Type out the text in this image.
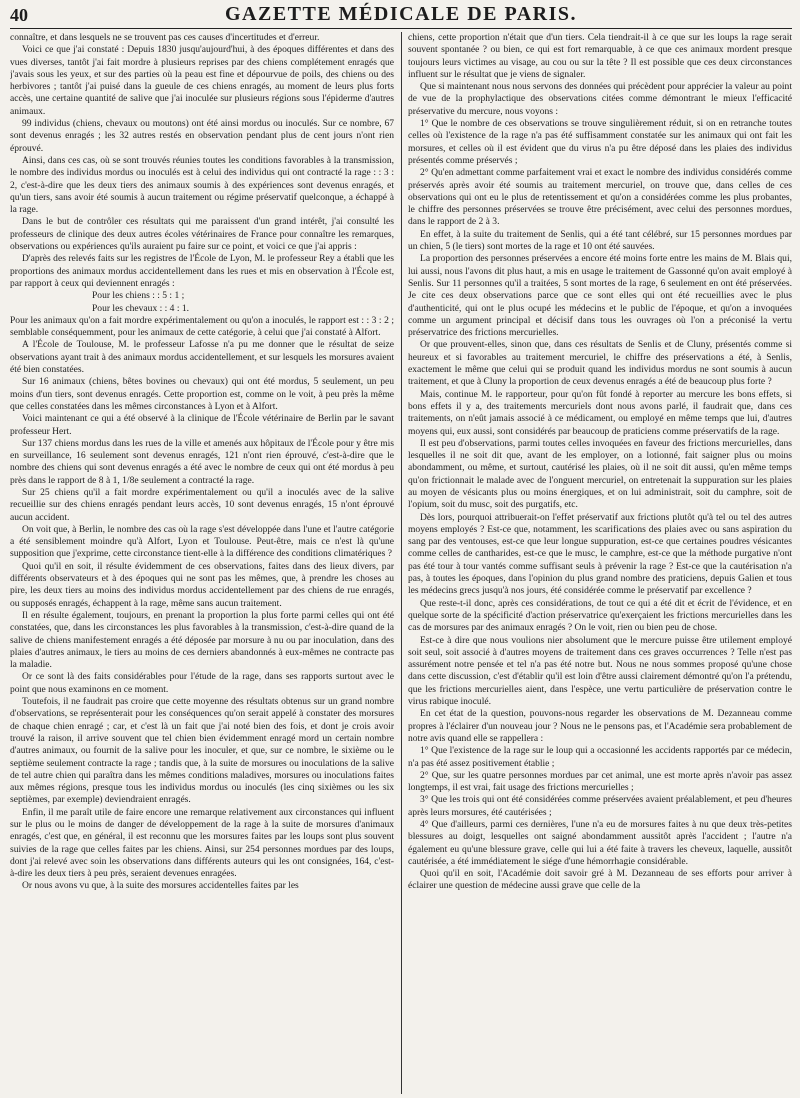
40	GAZETTE MÉDICALE DE PARIS.

connaître, et dans lesquels ne se trouvent pas ces causes d'incertitudes et d'erreur.

Voici ce que j'ai constaté : Depuis 1830 jusqu'aujourd'hui, à des époques différentes et dans des vues diverses, tantôt j'ai fait mordre à plusieurs reprises par des chiens complétement enragés que j'avais sous les yeux, et sur des parties où la peau est fine et dépourvue de poils, des chiens ou des herbivores ; tantôt j'ai puisé dans la gueule de ces chiens enragés, au moment de leurs plus forts accès, une certaine quantité de salive que j'ai inoculée sur plusieurs régions sous l'épiderme d'autres animaux.

99 individus (chiens, chevaux ou moutons) ont été ainsi mordus ou inoculés. Sur ce nombre, 67 sont devenus enragés ; les 32 autres restés en observation pendant plus de cent jours n'ont rien éprouvé.

Ainsi, dans ces cas, où se sont trouvés réunies toutes les conditions favorables à la transmission, le nombre des individus mordus ou inoculés est à celui des individus qui ont contracté la rage : : 3 : 2, c'est-à-dire que les deux tiers des animaux soumis à des expériences sont devenus enragés, et qu'un tiers, sans avoir été soumis à aucun traitement ou régime préservatif quelconque, a échappé à la rage.

Dans le but de contrôler ces résultats qui me paraissent d'un grand intérêt, j'ai consulté les professeurs de clinique des deux autres écoles vétérinaires de France pour connaître les remarques, observations ou expériences qu'ils auraient pu faire sur ce point, et voici ce que j'ai appris :

D'après des relevés faits sur les registres de l'École de Lyon, M. le professeur Rey a établi que les proportions des animaux mordus accidentellement dans les rues et mis en observation à l'École est, par rapport à ceux qui deviennent enragés :

Pour les chiens : : 5 : 1 ;

Pour les chevaux : : 4 : 1.

Pour les animaux qu'on a fait mordre expérimentalement ou qu'on a inoculés, le rapport est : : 3 : 2 ; semblable conséquemment, pour les animaux de cette catégorie, à celui que j'ai constaté à Alfort.

A l'École de Toulouse, M. le professeur Lafosse n'a pu me donner que le résultat de seize observations ayant trait à des animaux mordus accidentellement, et sur lesquels les morsures avaient été bien constatées.

Sur 16 animaux (chiens, bêtes bovines ou chevaux) qui ont été mordus, 5 seulement, un peu moins d'un tiers, sont devenus enragés. Cette proportion est, comme on le voit, à peu près la même que celles constatées dans les mêmes circonstances à Lyon et à Alfort.

Voici maintenant ce qui a été observé à la clinique de l'École vétérinaire de Berlin par le savant professeur Hert.

Sur 137 chiens mordus dans les rues de la ville et amenés aux hôpitaux de l'École pour y être mis en surveillance, 16 seulement sont devenus enragés, 121 n'ont rien éprouvé, c'est-à-dire que le nombre des chiens qui sont devenus enragés a été avec le nombre de ceux qui ont été mordus à peu près dans le rapport de 8 à 1, 1/8e seulement a contracté la rage.

Sur 25 chiens qu'il a fait mordre expérimentalement ou qu'il a inoculés avec de la salive recueillie sur des chiens enragés pendant leurs accès, 10 sont devenus enragés, 15 n'ont éprouvé aucun accident.

On voit que, à Berlin, le nombre des cas où la rage s'est développée dans l'une et l'autre catégorie a été sensiblement moindre qu'à Alfort, Lyon et Toulouse. Peut-être, mais ce n'est là qu'une supposition que j'exprime, cette circonstance tient-elle à la différence des conditions climatériques ?

Quoi qu'il en soit, il résulte évidemment de ces observations, faites dans des lieux divers, par différents observateurs et à des époques qui ne sont pas les mêmes, que, à prendre les choses au pire, les deux tiers au moins des individus mordus accidentellement par des chiens de rue enragés, ou supposés enragés, échappent à la rage, même sans aucun traitement.

Il en résulte également, toujours, en prenant la proportion la plus forte parmi celles qui ont été constatées, que, dans les circonstances les plus favorables à la transmission, c'est-à-dire quand de la salive de chiens manifestement enragés a été déposée par morsure à nu ou par inoculation, dans des plaies d'autres animaux, le tiers au moins de ces derniers abandonnés à eux-mêmes ne contracte pas la maladie.

Or ce sont là des faits considérables pour l'étude de la rage, dans ses rapports surtout avec le point que nous examinons en ce moment.

Toutefois, il ne faudrait pas croire que cette moyenne des résultats obtenus sur un grand nombre d'observations, se représenterait pour les conséquences qu'on serait appelé à constater des morsures de chaque chien enragé ; car, et c'est là un fait que j'ai noté bien des fois, et dont je crois avoir trouvé la raison, il arrive souvent que tel chien bien évidemment enragé mord un certain nombre d'autres animaux, ou fournit de la salive pour les inoculer, et que, sur ce nombre, le sixième ou le septième seulement contracte la rage ; tandis que, à la suite de morsures ou inoculations de la salive de tel autre chien qui paraîtra dans les mêmes conditions maladives, morsures ou inoculations faites aux mêmes régions, presque tous les individus mordus ou inoculés (les cinq sixièmes ou les six septièmes, par exemple) deviendraient enragés.

Enfin, il me paraît utile de faire encore une remarque relativement aux circonstances qui influent sur le plus ou le moins de danger de développement de la rage à la suite de morsures d'animaux enragés, c'est que, en général, il est reconnu que les morsures faites par les loups sont plus souvent suivies de la rage que celles faites par les chiens. Ainsi, sur 254 personnes mordues par des loups, dont j'ai relevé avec soin les observations dans différents auteurs qui les ont consignées, 164, c'est-à-dire les deux tiers à peu près, seraient devenues enragées.

Or nous avons vu que, à la suite des morsures accidentelles faites par les

chiens, cette proportion n'était que d'un tiers. Cela tiendrait-il à ce que sur les loups la rage serait souvent spontanée ? ou bien, ce qui est fort remarquable, à ce que ces animaux mordent presque toujours leurs victimes au visage, au cou ou sur la tête ? Il est possible que ces deux circonstances influent sur le résultat que je viens de signaler.

Que si maintenant nous nous servons des données qui précèdent pour apprécier la valeur au point de vue de la prophylactique des observations citées comme démontrant le mieux l'efficacité préservative du mercure, nous voyons :

1° Que le nombre de ces observations se trouve singulièrement réduit, si on en retranche toutes celles où l'existence de la rage n'a pas été suffisamment constatée sur les animaux qui ont fait les morsures, et celles où il est évident que du virus n'a pu être déposé dans les plaies des individus présentés comme préservés ;

2° Qu'en admettant comme parfaitement vrai et exact le nombre des individus considérés comme préservés après avoir été soumis au traitement mercuriel, on trouve que, dans celles de ces observations qui ont eu le plus de retentissement et qu'on a considérées comme les plus probantes, le chiffre des personnes préservées se trouve être précisément, avec celui des personnes mordues, dans le rapport de 2 à 3.

En effet, à la suite du traitement de Senlis, qui a été tant célébré, sur 15 personnes mordues par un chien, 5 (le tiers) sont mortes de la rage et 10 ont été sauvées.

La proportion des personnes préservées a encore été moins forte entre les mains de M. Blais qui, lui aussi, nous l'avons dit plus haut, a mis en usage le traitement de Gassonné qu'on avait employé à Senlis. Sur 11 personnes qu'il a traitées, 5 sont mortes de la rage, 6 seulement en ont été préservées. Je cite ces deux observations parce que ce sont elles qui ont été recueillies avec le plus d'authenticité, qui ont le plus ocupé les médecins et le public de l'époque, et qu'on a invoquées comme un argument principal et décisif dans tous les ouvrages où l'on a préconisé la vertu préservatrice des frictions mercurielles.

Or que prouvent-elles, sinon que, dans ces résultats de Senlis et de Cluny, présentés comme si heureux et si favorables au traitement mercuriel, le chiffre des préservations a été, à Senlis, exactement le même que celui qui se produit quand les individus mordus ne sont soumis à aucun traitement, et que à Cluny la proportion de ceux devenus enragés a été de beaucoup plus forte ?

Mais, continue M. le rapporteur, pour qu'on fût fondé à reporter au mercure les bons effets, si bons effets il y a, des traitements mercuriels dont nous avons parlé, il faudrait que, dans ces traitements, on n'eût jamais associé à ce médicament, ou employé en même temps que lui, d'autres moyens qui, eux aussi, sont considérés par beaucoup de praticiens comme préservatifs de la rage.

Il est peu d'observations, parmi toutes celles invoquées en faveur des frictions mercurielles, dans lesquelles il ne soit dit que, avant de les employer, on a lotionné, fait saigner plus ou moins abondamment, ou même, et surtout, cautérisé les plaies, où il ne soit dit aussi, qu'en même temps qu'on frictionnait le malade avec de l'onguent mercuriel, on entretenait la suppuration sur les plaies au moyen de vésicants plus ou moins énergiques, et on lui administrait, soit du camphre, soit de l'opium, soit du musc, soit des purgatifs, etc.

Dès lors, pourquoi attribuerait-on l'effet préservatif aux frictions plutôt qu'à tel ou tel des autres moyens employés ? Est-ce que, notamment, les scarifications des plaies avec ou sans aspiration du sang par des ventouses, est-ce que leur longue suppuration, est-ce que certaines poudres vésicantes comme celles de cantharides, est-ce que le musc, le camphre, est-ce que la méthode purgative n'ont pas été tour à tour vantés comme suffisant seuls à prévenir la rage ? Est-ce que la cautérisation n'a pas, à toutes les époques, dans l'opinion du plus grand nombre des praticiens, depuis Galien et tous les médecins grecs jusqu'à nos jours, été considérée comme le préservatif par excellence ?

Que reste-t-il donc, après ces considérations, de tout ce qui a été dit et écrit de l'évidence, et en quelque sorte de la spécificité d'action préservatrice qu'exerçaient les frictions mercurielles dans les cas de morsures par des animaux enragés ? On le voit, rien ou bien peu de chose.

Est-ce à dire que nous voulions nier absolument que le mercure puisse être utilement employé soit seul, soit associé à d'autres moyens de traitement dans ces graves occurrences ? Telle n'est pas assurément notre pensée et tel n'a pas été notre but. Nous ne nous sommes proposé qu'une chose dans cette discussion, c'est d'établir qu'il est loin d'être aussi clairement démontré qu'on l'a prétendu, que les frictions mercurielles aient, dans l'espèce, une vertu particulière de préservation contre le virus rabique inoculé.

En cet état de la question, pouvons-nous regarder les observations de M. Dezanneau comme propres à l'éclairer d'un nouveau jour ? Nous ne le pensons pas, et l'Académie sera probablement de notre avis quand elle se rappellera :

1° Que l'existence de la rage sur le loup qui a occasionné les accidents rapportés par ce médecin, n'a pas été assez positivement établie ;

2° Que, sur les quatre personnes mordues par cet animal, une est morte après n'avoir pas assez longtemps, il est vrai, fait usage des frictions mercurielles ;

3° Que les trois qui ont été considérées comme préservées avaient préalablement, et peu d'heures après leurs morsures, été cautérisées ;

4° Que d'ailleurs, parmi ces dernières, l'une n'a eu de morsures faites à nu que deux très-petites blessures au doigt, lesquelles ont saigné abondamment aussitôt après l'accident ; l'autre n'a également eu qu'une blessure grave, celle qui lui a été faite à travers les cheveux, laquelle, aussitôt cautérisée, a été immédiatement le siége d'une hémorrhagie considérable.

Quoi qu'il en soit, l'Académie doit savoir gré à M. Dezanneau de ses efforts pour arriver à éclairer une question de médecine aussi grave que celle de la
